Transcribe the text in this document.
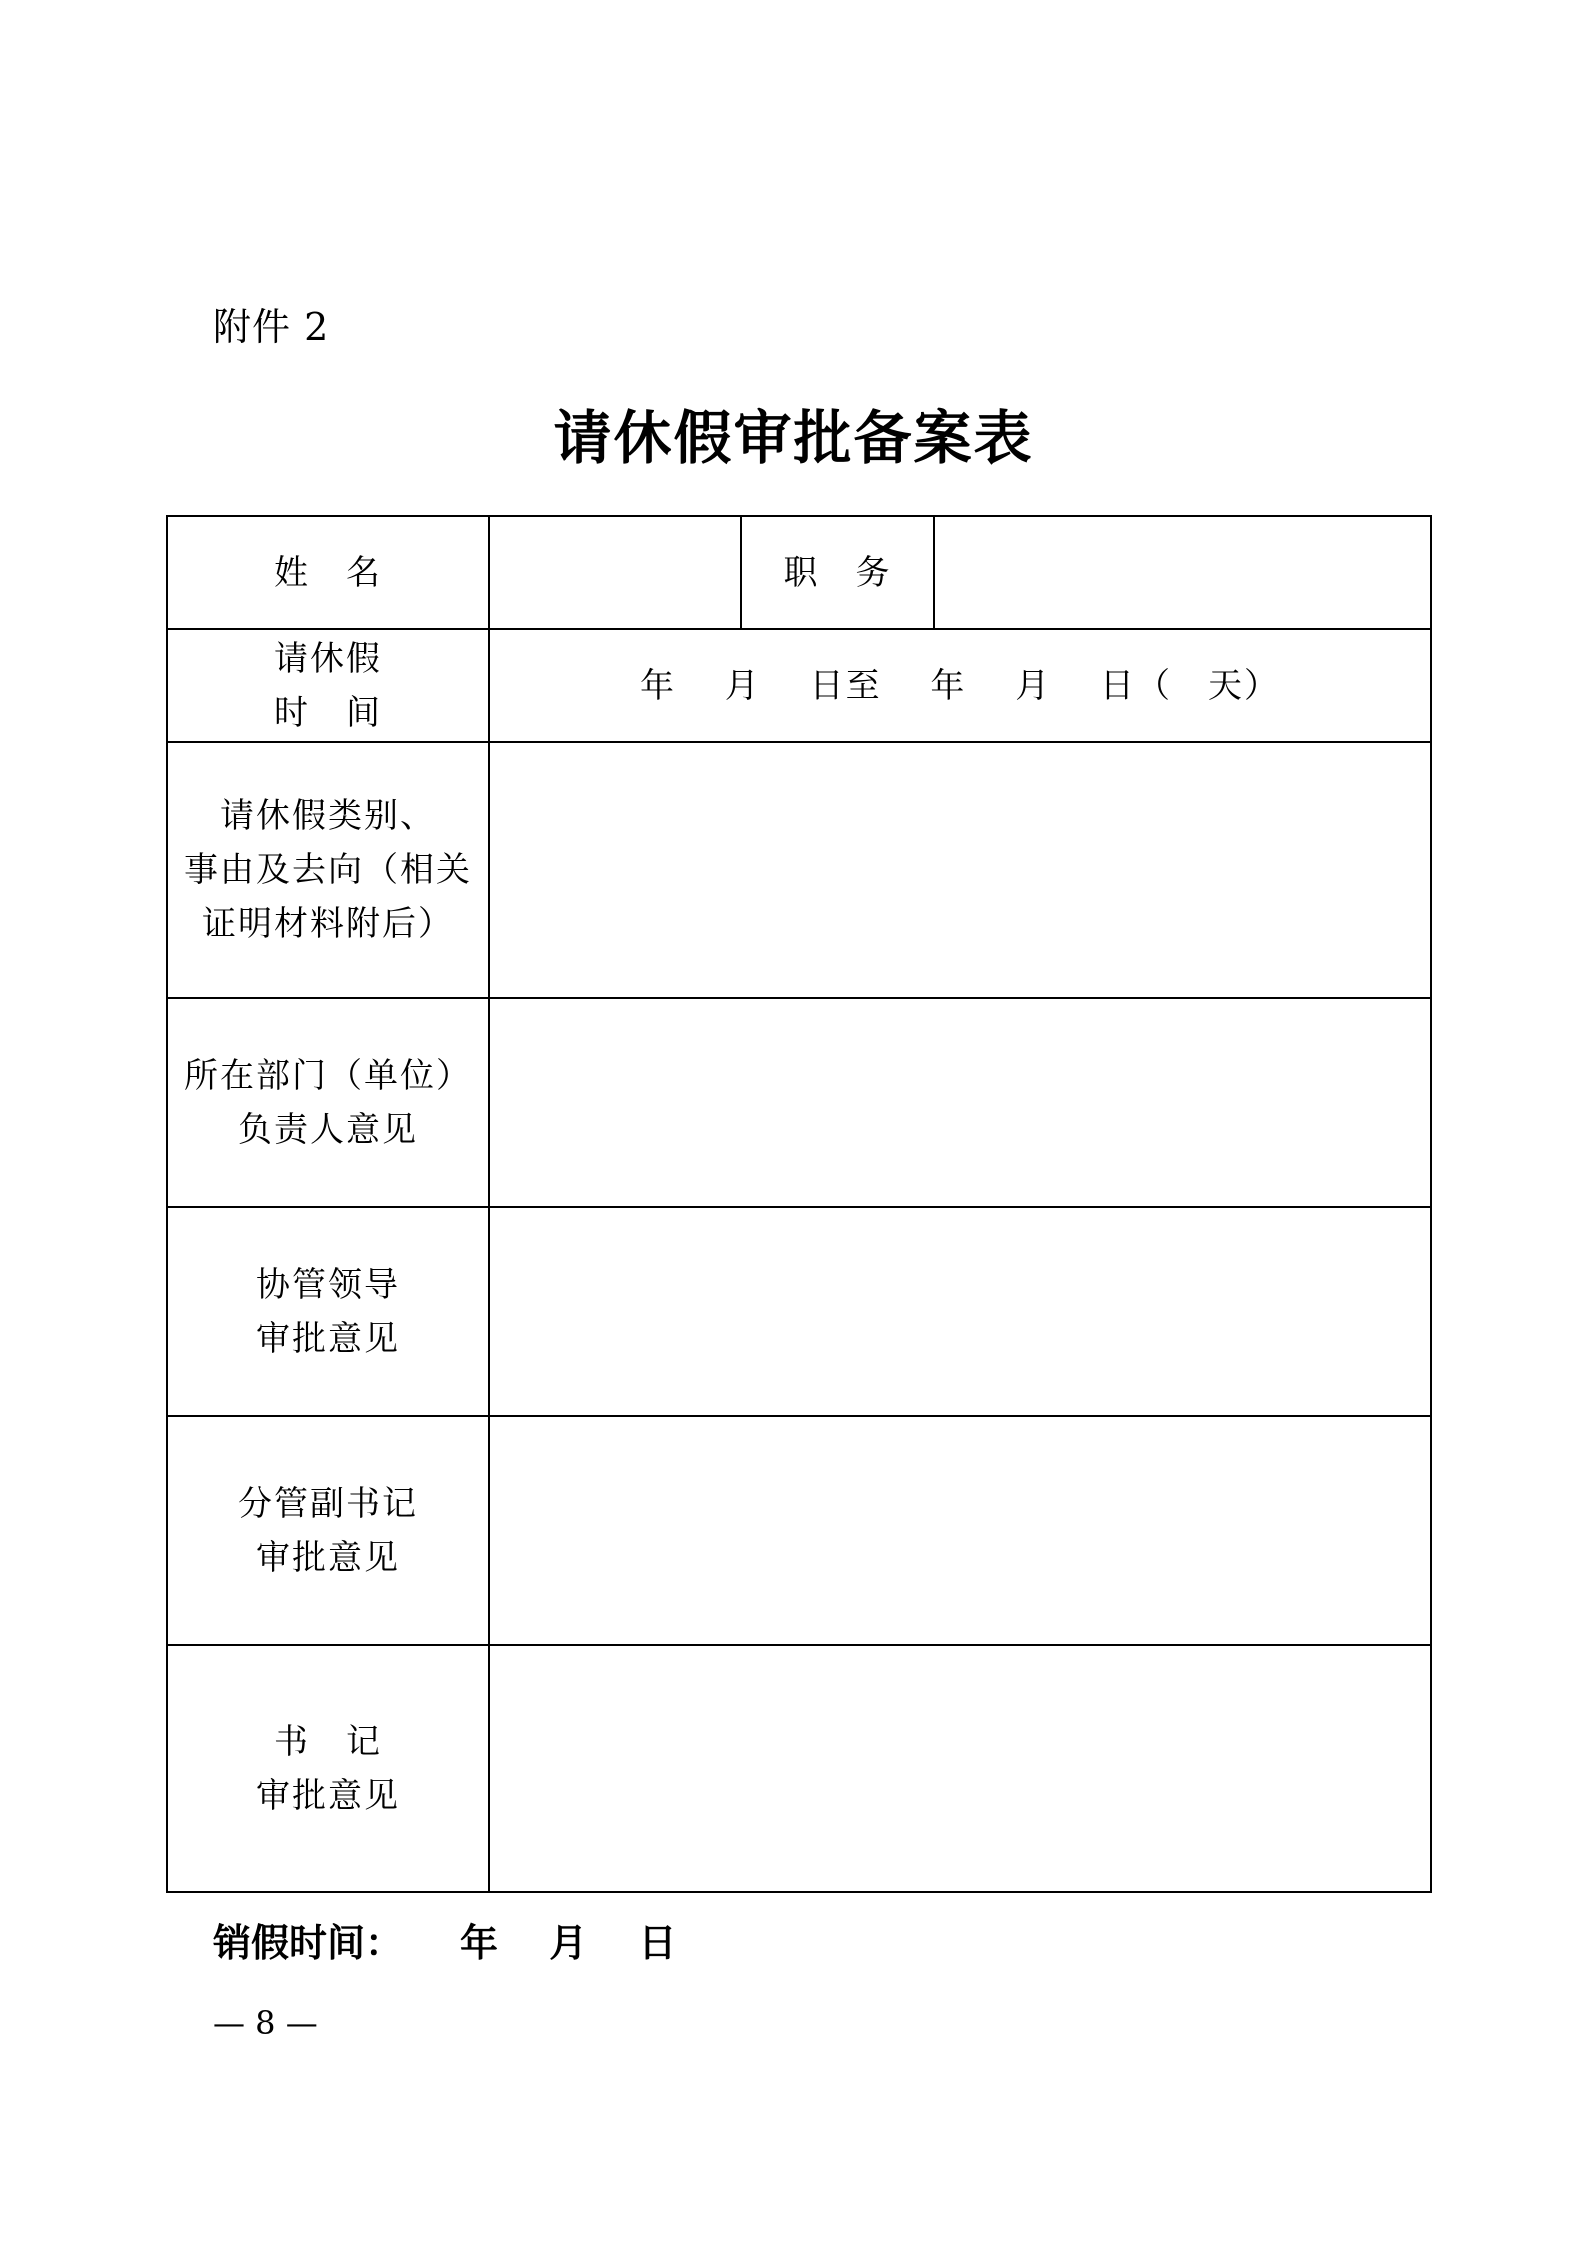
附件 2
请休假审批备案表
姓　名		职　务	

请休假
时　间	年　 月　 日至　 年　 月　 日（　天）		

请休假类别、
事由及去向（相关
证明材料附后）			

所在部门（单位）
负责人意见			

协管领导
审批意见			

分管副书记
审批意见			

书　记
审批意见			

销假时间：　　年　 月　 日
— 8 —
